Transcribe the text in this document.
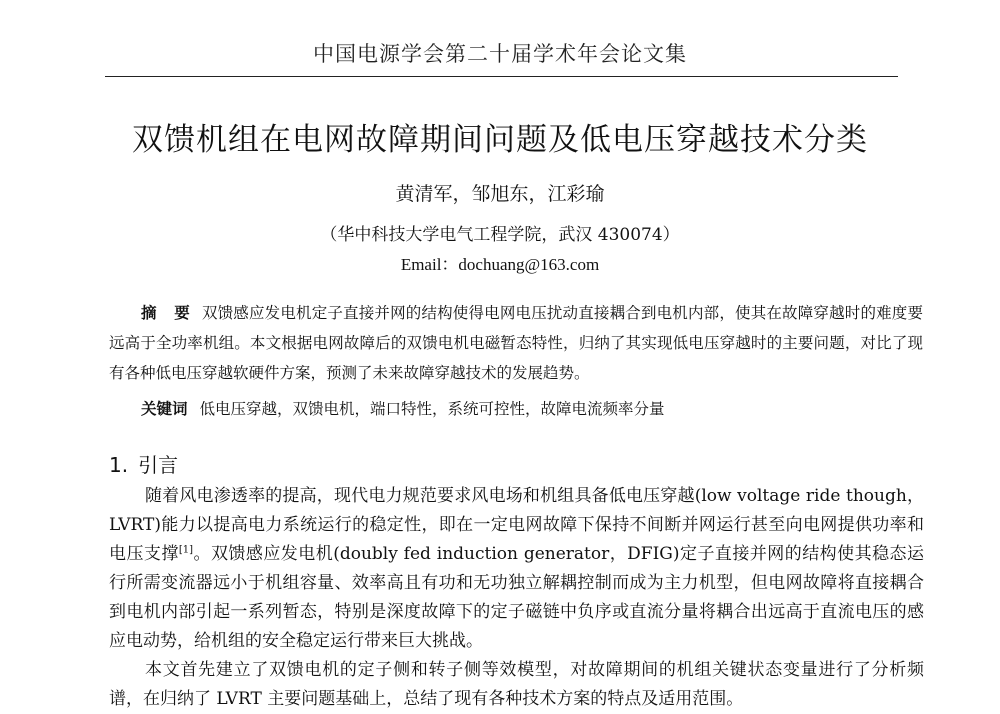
中国电源学会第二十届学术年会论文集
双馈机组在电网故障期间问题及低电压穿越技术分类
黄清军，邹旭东，江彩瑜
（华中科技大学电气工程学院，武汉 430074）
Email：dochuang@163.com
摘 要 双馈感应发电机定子直接并网的结构使得电网电压扰动直接耦合到电机内部，使其在故障穿越时的难度要远高于全功率机组。本文根据电网故障后的双馈电机电磁暂态特性，归纳了其实现低电压穿越时的主要问题，对比了现有各种低电压穿越软硬件方案，预测了未来故障穿越技术的发展趋势。
关键词 低电压穿越，双馈电机，端口特性，系统可控性，故障电流频率分量
1. 引言

随着风电渗透率的提高，现代电力规范要求风电场和机组具备低电压穿越(low voltage ride though，LVRT)能力以提高电力系统运行的稳定性，即在一定电网故障下保持不间断并网运行甚至向电网提供功率和电压支撑[1]。双馈感应发电机(doubly fed induction generator，DFIG)定子直接并网的结构使其稳态运行所需变流器远小于机组容量、效率高且有功和无功独立解耦控制而成为主力机型，但电网故障将直接耦合到电机内部引起一系列暂态，特别是深度故障下的定子磁链中负序或直流分量将耦合出远高于直流电压的感应电动势，给机组的安全稳定运行带来巨大挑战。

本文首先建立了双馈电机的定子侧和转子侧等效模型，对故障期间的机组关键状态变量进行了分析频谱，在归纳了 LVRT 主要问题基础上，总结了现有各种技术方案的特点及适用范围。
